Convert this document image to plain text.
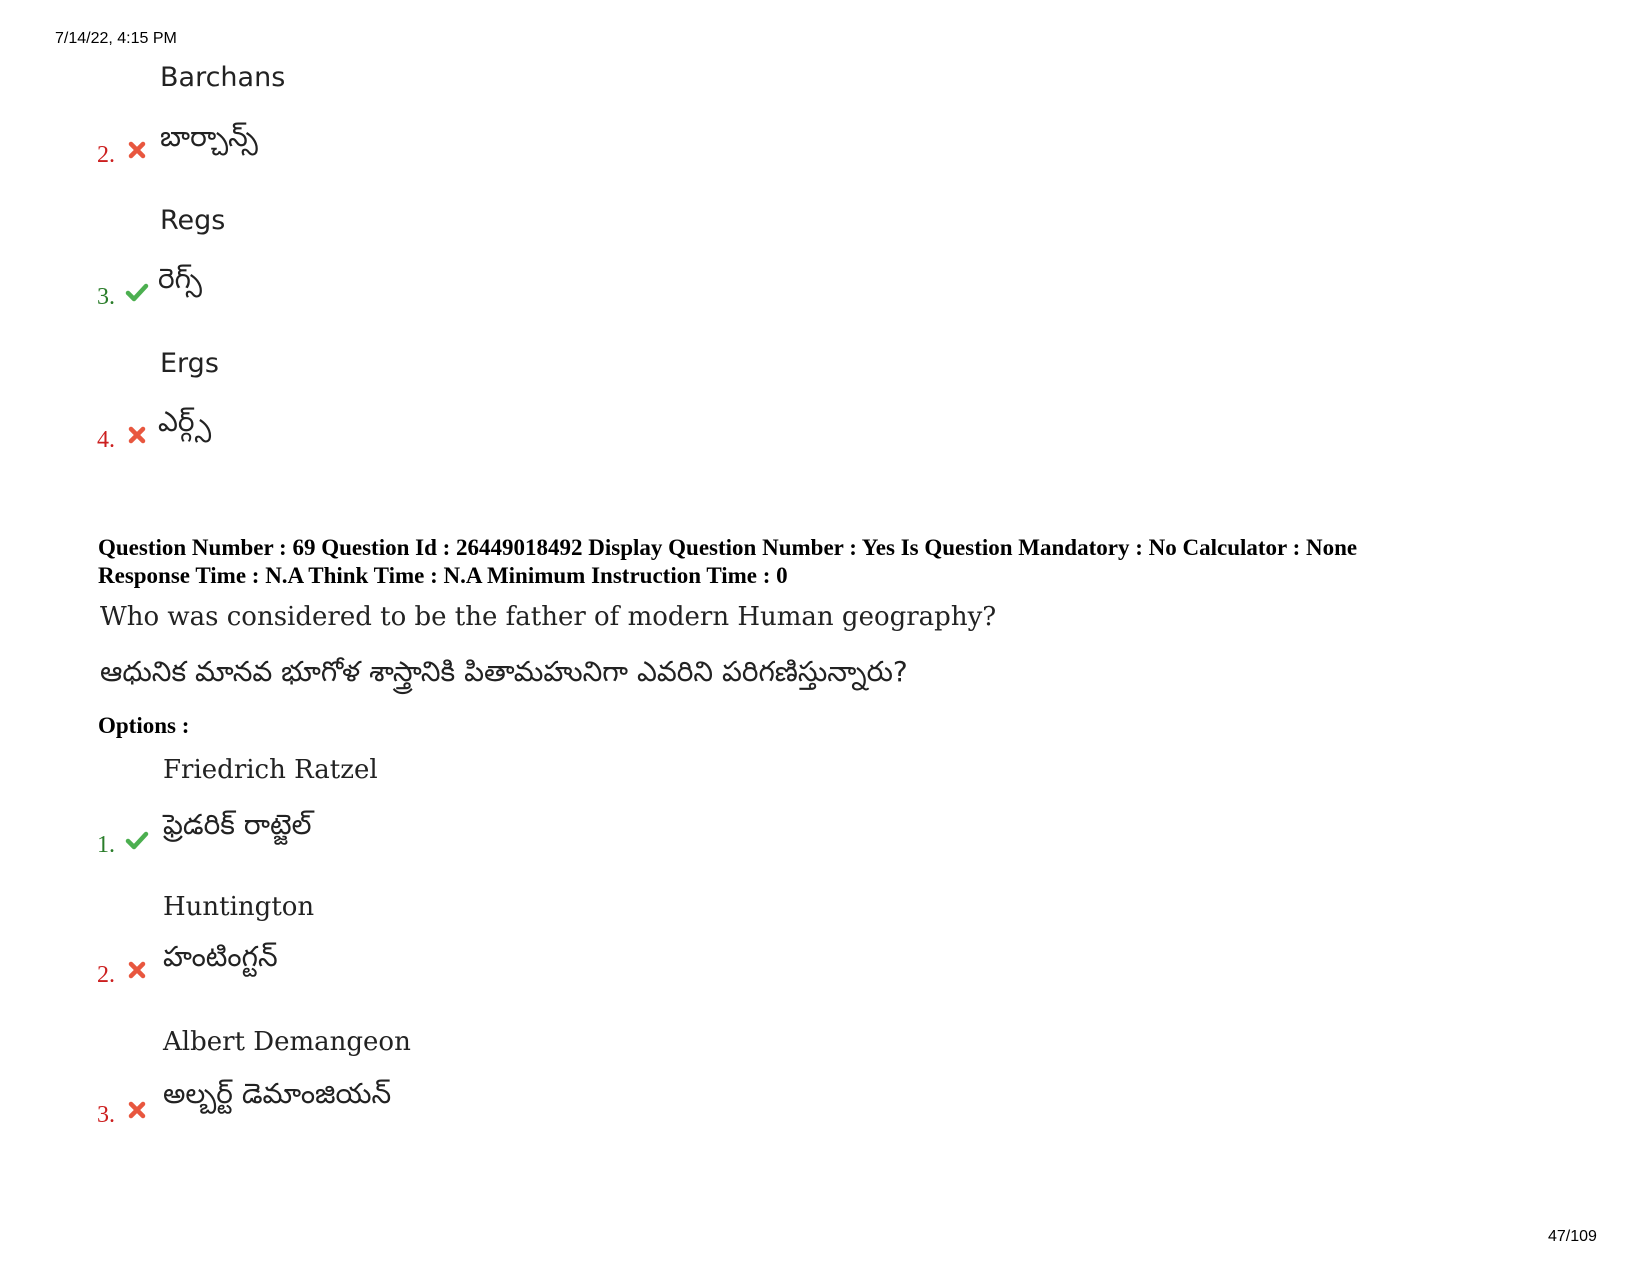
7/14/22, 4:15 PM
Barchans
2.
బార్చాన్స్
Regs
3.
రెగ్స్
Ergs
4.
ఎర్గ్స్
Question Number : 69 Question Id : 26449018492 Display Question Number : Yes Is Question Mandatory : No Calculator : None
Response Time : N.A Think Time : N.A Minimum Instruction Time : 0
Who was considered to be the father of modern Human geography?
ఆధునిక మానవ భూగోళ శాస్త్రానికి పితామహునిగా ఎవరిని పరిగణిస్తున్నారు?
Options :
Friedrich Ratzel
1.
ఫ్రెడరిక్ రాట్జెల్
Huntington
2.
హంటింగ్టన్
Albert Demangeon
3.
అల్బర్ట్ డెమాంజియన్
47/109
